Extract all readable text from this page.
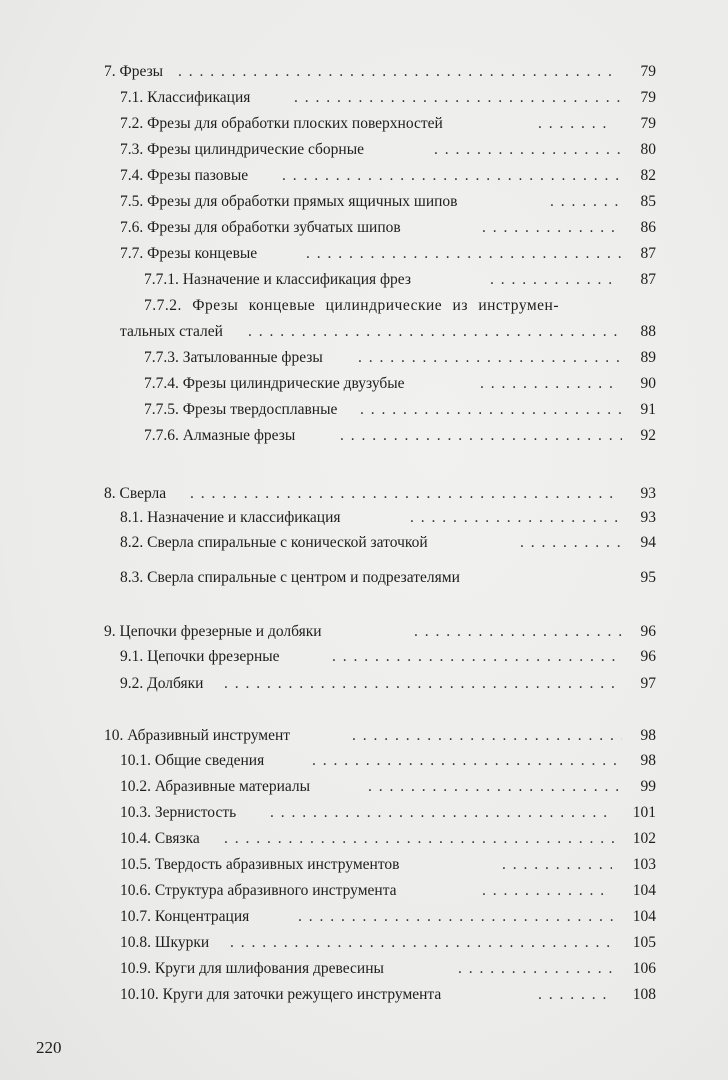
7. Фрезы . . .	79
7.1. Классификация . . .	79
7.2. Фрезы для обработки плоских поверхностей . . .	79
7.3. Фрезы цилиндрические сборные . . .	80
7.4. Фрезы пазовые . . .	82
7.5. Фрезы для обработки прямых ящичных шипов . . .	85
7.6. Фрезы для обработки зубчатых шипов . . .	86
7.7. Фрезы концевые . . .	87
7.7.1. Назначение и классификация фрез . . .	87
7.7.2. Фрезы концевые цилиндрические из инструмен-
тальных сталей . . .	88
7.7.3. Затылованные фрезы . . .	89
7.7.4. Фрезы цилиндрические двузубые . . .	90
7.7.5. Фрезы твердосплавные . . .	91
7.7.6. Алмазные фрезы . . .	92
8. Сверла . . .	93
8.1. Назначение и классификация . . .	93
8.2. Сверла спиральные с конической заточкой . . .	94
8.3. Сверла спиральные с центром и подрезателями	95
9. Цепочки фрезерные и долбяки . . .	96
9.1. Цепочки фрезерные . . .	96
9.2. Долбяки . . .	97
10. Абразивный инструмент . . .	98
10.1. Общие сведения . . .	98
10.2. Абразивные материалы . . .	99
10.3. Зернистость . . .	101
10.4. Связка . . .	102
10.5. Твердость абразивных инструментов . . .	103
10.6. Структура абразивного инструмента . . .	104
10.7. Концентрация . . .	104
10.8. Шкурки . . .	105
10.9. Круги для шлифования древесины . . .	106
10.10. Круги для заточки режущего инструмента . . .	108
220
